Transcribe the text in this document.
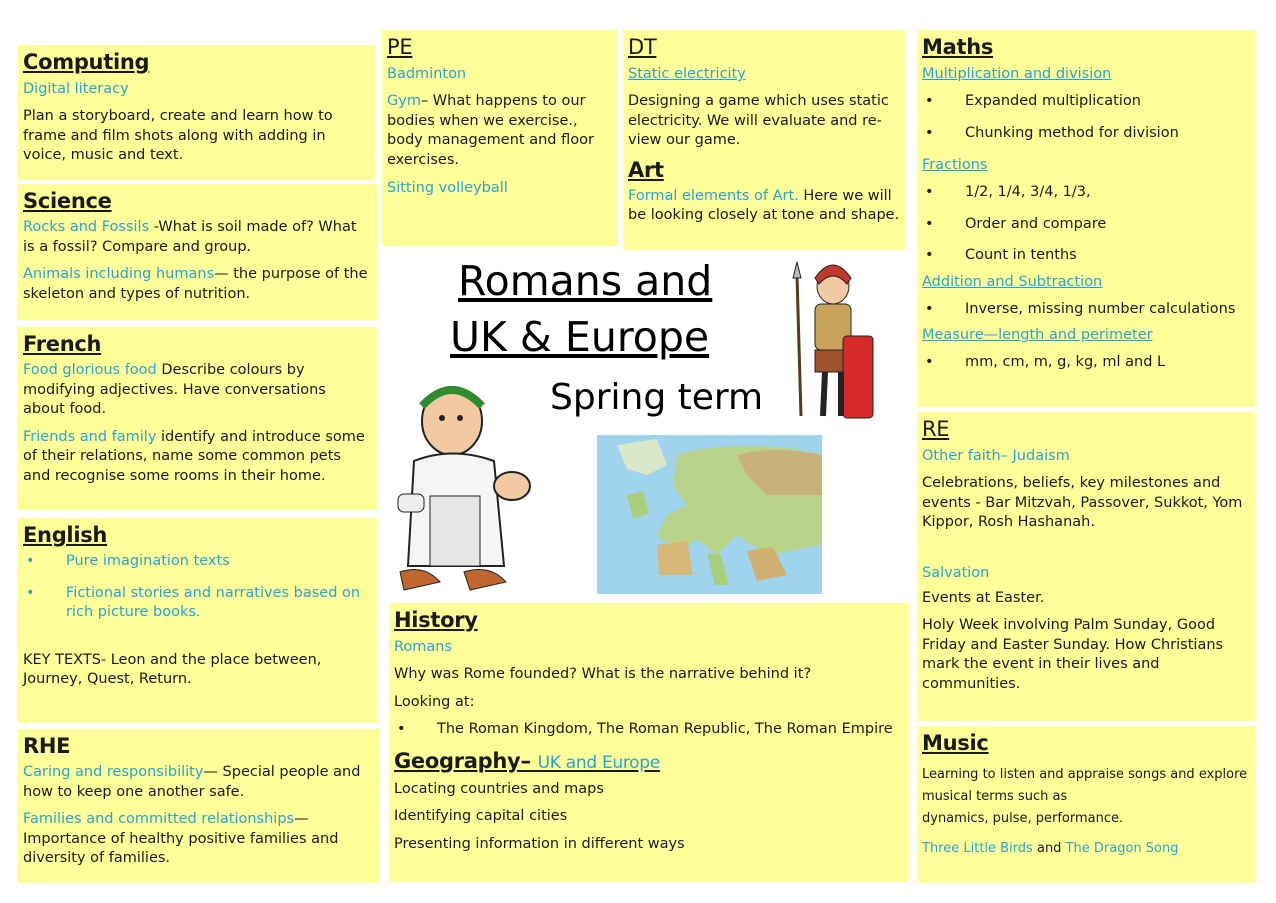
Computing
Digital literacy
Plan a storyboard, create and learn how to frame and film shots along with adding in voice, music and text.
Science
Rocks and Fossils -What is soil made of? What is a fossil? Compare and group.
Animals including humans— the purpose of the skeleton and types of nutrition.
French
Food glorious food Describe colours by modifying adjectives. Have conversations about food.
Friends and family identify and introduce some of their relations, name some common pets and recognise some rooms in their home.
English
• Pure imagination texts
• Fictional stories and narratives based on rich picture books.
KEY TEXTS- Leon and the place between, Journey, Quest, Return.
RHE
Caring and responsibility— Special people and how to keep one another safe.
Families and committed relationships— Importance of healthy positive families and diversity of families.
PE
Badminton
Gym– What happens to our bodies when we exercise., body management and floor exercises.
Sitting volleyball
DT
Static electricity
Designing a game which uses static electricity. We will evaluate and re-view our game.
Art
Formal elements of Art. Here we will be looking closely at tone and shape.
Romans and
UK & Europe
Spring term
History
Romans
Why was Rome founded? What is the narrative behind it?
Looking at:
• The Roman Kingdom, The Roman Republic, The Roman Empire
Geography– UK and Europe
Locating countries and maps
Identifying capital cities
Presenting information in different ways
Maths
Multiplication and division
• Expanded multiplication
• Chunking method for division
Fractions
• 1/2, 1/4, 3/4, 1/3,
• Order and compare
• Count in tenths
Addition and Subtraction
• Inverse, missing number calculations
Measure—length and perimeter
• mm, cm, m, g, kg, ml and L
RE
Other faith– Judaism
Celebrations, beliefs, key milestones and events - Bar Mitzvah, Passover, Sukkot, Yom Kippor, Rosh Hashanah.
Salvation
Events at Easter.
Holy Week involving Palm Sunday, Good Friday and Easter Sunday. How Christians mark the event in their lives and communities.
Music
Learning to listen and appraise songs and explore musical terms such as
dynamics, pulse, performance.
Three Little Birds and The Dragon Song
